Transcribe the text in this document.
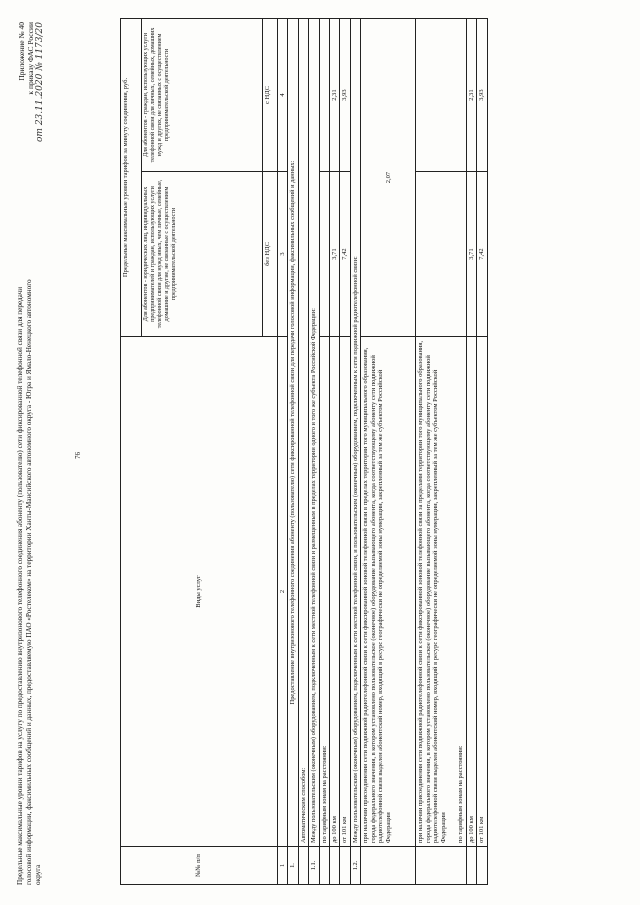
Приложение № 40 к приказу ФАС России от 23.11.2020 № 1173/20
76
Предельные максимальные уровни тарифов на услугу по предоставлению внутризонового телефонного соединения абоненту (пользователю) сети фиксированной телефонной связи для передачи голосовой информации, факсимильных сообщений и данных, предоставляемую ПАО «Ростелеком» на территории Ханты-Мансийского автономного округа - Югра и Ямало-Ненецкого автономного округа	№№ п/п	Виды услуг	Предельные максимальные уровни тарифов за минуту соединения, руб.	
		Для абонентов - юридических лиц, индивидуальных предпринимателей и граждан, использующих услуги телефонной связи для нужд иных, чем личные, семейные, домашние и другие, не связанные с осуществлением предпринимательской деятельности	Для абонентов - граждан, использующих услуги телефонной связи для личных, семейных, домашних нужд и других, не связанных с осуществлением предпринимательской деятельности
		без НДС	с НДС
1	2	3	4
1.	Предоставление внутризонового телефонного соединения абоненту (пользователю) сети фиксированной телефонной связи для передачи голосовой информации, факсимильных сообщений и данных:		
	Автоматическим способом:		
1.1.	Между пользовательским (оконечным) оборудованием, подключенным к сети местной телефонной связи и размещенным в пределах территории одного и того же субъекта Российской Федерации:		
	по тарифным зонам на расстоянии:		
	до 100 км	3,71	2,31
	от 101 км	7,42	3,93
1.2.	Между пользовательским (оконечным) оборудованием, подключенным к сети местной телефонной связи, и пользовательским (оконечным) оборудованием, подключенным к сети подвижной радиотелефонной связи:		
	при наличии присоединения сети подвижной радиотелефонной связи к сети фиксированной зоновой телефонной связи в пределах территории того муниципального образования, города федерального значения, в котором установлено пользовательское (оконечное) оборудование вызывающего абонента, когда соответствующему абоненту сети подвижной радиотелефонной связи выделен абонентский номер, входящий в ресурс географически не определяемой зоны нумерации, закрепленный за тем же субъектом Российской Федерации	2,07	

	при наличии присоединения сети подвижной радиотелефонной связи к сети фиксированной зоновой телефонной связи за пределами территории того муниципального образования, города федерального значения, в котором установлено пользовательское (оконечное) оборудование вызывающего абонента, когда соответствующему абоненту сети подвижной радиотелефонной связи выделен абонентский номер, входящий в ресурс географически не определяемой зоны нумерации, закрепленный за тем же субъектом Российской Федерации по тарифным зонам на расстоянии:		

	до 100 км	3,71	2,31
	от 101 км	7,42	3,93
